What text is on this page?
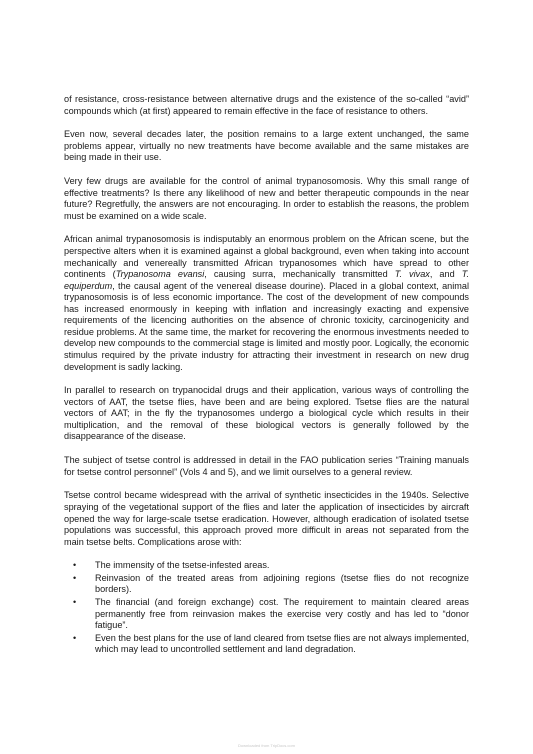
of resistance, cross-resistance between alternative drugs and the existence of the so-called “avid” compounds which (at first) appeared to remain effective in the face of resistance to others.

Even now, several decades later, the position remains to a large extent unchanged, the same problems appear, virtually no new treatments have become available and the same mistakes are being made in their use.

Very few drugs are available for the control of animal trypanosomosis. Why this small range of effective treatments? Is there any likelihood of new and better therapeutic compounds in the near future? Regretfully, the answers are not encouraging. In order to establish the reasons, the problem must be examined on a wide scale.

African animal trypanosomosis is indisputably an enormous problem on the African scene, but the perspective alters when it is examined against a global background, even when taking into account mechanically and venereally transmitted African trypanosomes which have spread to other continents (Trypanosoma evansi, causing surra, mechanically transmitted T. vivax, and T. equiperdum, the causal agent of the venereal disease dourine). Placed in a global context, animal trypanosomosis is of less economic importance. The cost of the development of new compounds has increased enormously in keeping with inflation and increasingly exacting and expensive requirements of the licencing authorities on the absence of chronic toxicity, carcinogenicity and residue problems. At the same time, the market for recovering the enormous investments needed to develop new compounds to the commercial stage is limited and mostly poor. Logically, the economic stimulus required by the private industry for attracting their investment in research on new drug development is sadly lacking.

In parallel to research on trypanocidal drugs and their application, various ways of controlling the vectors of AAT, the tsetse flies, have been and are being explored. Tsetse flies are the natural vectors of AAT; in the fly the trypanosomes undergo a biological cycle which results in their multiplication, and the removal of these biological vectors is generally followed by the disappearance of the disease.

The subject of tsetse control is addressed in detail in the FAO publication series “Training manuals for tsetse control personnel” (Vols 4 and 5), and we limit ourselves to a general review.

Tsetse control became widespread with the arrival of synthetic insecticides in the 1940s. Selective spraying of the vegetational support of the flies and later the application of insecticides by aircraft opened the way for large-scale tsetse eradication. However, although eradication of isolated tsetse populations was successful, this approach proved more difficult in areas not separated from the main tsetse belts. Complications arose with:

• The immensity of the tsetse-infested areas.
• Reinvasion of the treated areas from adjoining regions (tsetse flies do not recognize borders).
• The financial (and foreign exchange) cost. The requirement to maintain cleared areas permanently free from reinvasion makes the exercise very costly and has led to “donor fatigue”.
• Even the best plans for the use of land cleared from tsetse flies are not always implemented, which may lead to uncontrolled settlement and land degradation.
Downloaded from TripDocs.com
